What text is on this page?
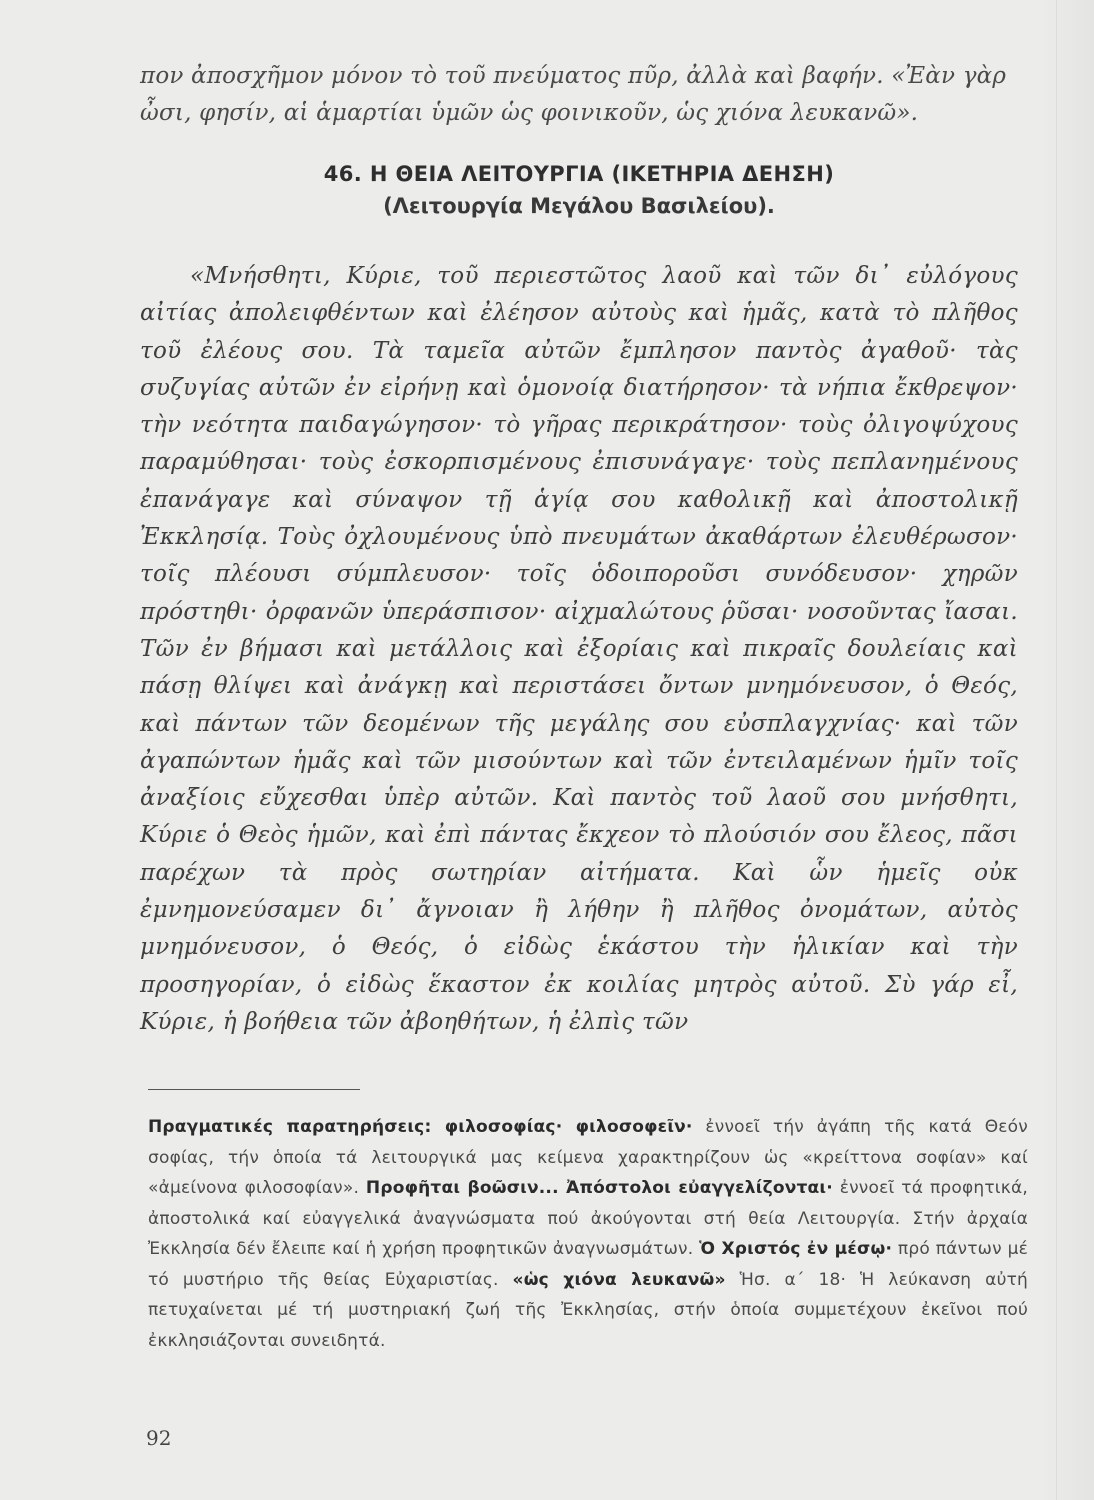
πον ἀποσχῆμον μόνον τὸ τοῦ πνεύματος πῦρ, ἀλλὰ καὶ βαφήν. «Ἐὰν γὰρ ὦσι, φησίν, αἱ ἁμαρτίαι ὑμῶν ὡς φοινικοῦν, ὡς χιόνα λευκανῶ».

46. Η ΘΕΙΑ ΛΕΙΤΟΥΡΓΙΑ (ΙΚΕΤΗΡΙΑ ΔΕΗΣΗ)
(Λειτουργία Μεγάλου Βασιλείου).

«Μνήσθητι, Κύριε, τοῦ περιεστῶτος λαοῦ καὶ τῶν δι᾽ εὐλόγους αἰτίας ἀπολειφθέντων καὶ ἐλέησον αὐτοὺς καὶ ἡμᾶς, κατὰ τὸ πλῆθος τοῦ ἐλέους σου. Τὰ ταμεῖα αὐτῶν ἔμπλησον παντὸς ἀγαθοῦ· τὰς συζυγίας αὐτῶν ἐν εἰρήνῃ καὶ ὁμονοίᾳ διατήρησον· τὰ νήπια ἔκθρεψον· τὴν νεότητα παιδαγώγησον· τὸ γῆρας περικράτησον· τοὺς ὀλιγοψύχους παραμύθησαι· τοὺς ἐσκορπισμένους ἐπισυνάγαγε· τοὺς πεπλανημένους ἐπανάγαγε καὶ σύναψον τῇ ἁγίᾳ σου καθολικῇ καὶ ἀποστολικῇ Ἐκκλησίᾳ. Τοὺς ὀχλουμένους ὑπὸ πνευμάτων ἀκαθάρτων ἐλευθέρωσον· τοῖς πλέουσι σύμπλευσον· τοῖς ὁδοιποροῦσι συνόδευσον· χηρῶν πρόστηθι· ὀρφανῶν ὑπεράσπισον· αἰχμαλώτους ῥῦσαι· νοσοῦντας ἴασαι. Τῶν ἐν βήμασι καὶ μετάλλοις καὶ ἐξορίαις καὶ πικραῖς δουλείαις καὶ πάσῃ θλίψει καὶ ἀνάγκῃ καὶ περιστάσει ὄντων μνημόνευσον, ὁ Θεός, καὶ πάντων τῶν δεομένων τῆς μεγάλης σου εὐσπλαγχνίας· καὶ τῶν ἀγαπώντων ἡμᾶς καὶ τῶν μισούντων καὶ τῶν ἐντειλαμένων ἡμῖν τοῖς ἀναξίοις εὔχεσθαι ὑπὲρ αὐτῶν. Καὶ παντὸς τοῦ λαοῦ σου μνήσθητι, Κύριε ὁ Θεὸς ἡμῶν, καὶ ἐπὶ πάντας ἔκχεον τὸ πλούσιόν σου ἔλεος, πᾶσι παρέχων τὰ πρὸς σωτηρίαν αἰτήματα. Καὶ ὧν ἡμεῖς οὐκ ἐμνημονεύσαμεν δι᾽ ἄγνοιαν ἢ λήθην ἢ πλῆθος ὀνομάτων, αὐτὸς μνημόνευσον, ὁ Θεός, ὁ εἰδὼς ἑκάστου τὴν ἡλικίαν καὶ τὴν προσηγορίαν, ὁ εἰδὼς ἕκαστον ἐκ κοιλίας μητρὸς αὐτοῦ. Σὺ γάρ εἶ, Κύριε, ἡ βοήθεια τῶν ἀβοηθήτων, ἡ ἐλπὶς τῶν

Πραγματικές παρατηρήσεις: φιλοσοφίας· φιλοσοφεῖν· ἐννοεῖ τήν ἀγάπη τῆς κατά Θεόν σοφίας, τήν ὁποία τά λειτουργικά μας κείμενα χαρακτηρίζουν ὡς «κρείττονα σοφίαν» καί «ἀμείνονα φιλοσοφίαν». Προφῆται βοῶσιν... Ἀπόστολοι εὐαγγελίζονται· ἐννοεῖ τά προφητικά, ἀποστολικά καί εὐαγγελικά ἀναγνώσματα πού ἀκούγονται στή θεία Λειτουργία. Στήν ἀρχαία Ἐκκλησία δέν ἔλειπε καί ἡ χρήση προφητικῶν ἀναγνωσμάτων. Ὁ Χριστός ἐν μέσῳ· πρό πάντων μέ τό μυστήριο τῆς θείας Εὐχαριστίας. «ὡς χιόνα λευκανῶ» Ἡσ. α΄ 18· Ἡ λεύκανση αὐτή πετυχαίνεται μέ τή μυστηριακή ζωή τῆς Ἐκκλησίας, στήν ὁποία συμμετέχουν ἐκεῖνοι πού ἐκκλησιάζονται συνειδητά.

92
